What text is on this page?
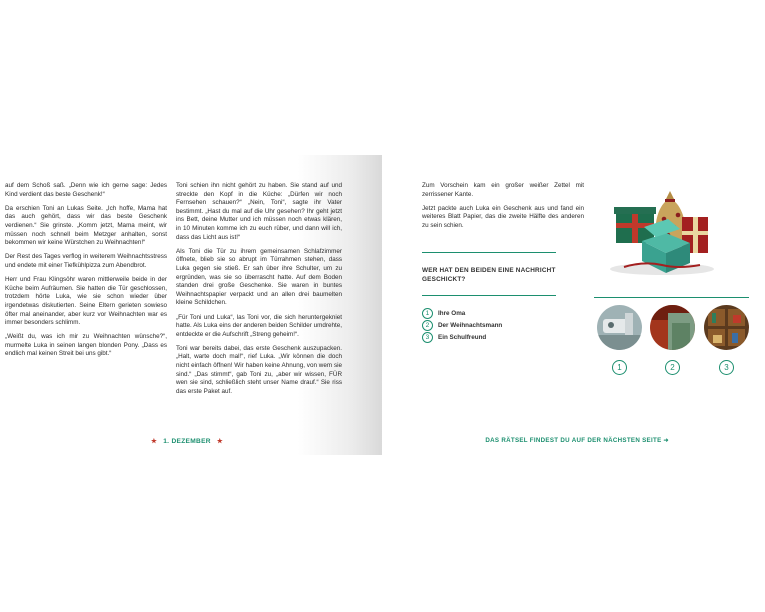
auf dem Schoß saß. „Denn wie ich gerne sage: Jedes Kind verdient das beste Geschenk!“

Da erschien Toni an Lukas Seite. „Ich hoffe, Mama hat das auch gehört, dass wir das beste Geschenk verdienen.“ Sie grinste. „Komm jetzt, Mama meint, wir müssen noch schnell beim Metzger anhalten, sonst bekommen wir keine Würstchen zu Weihnachten!“

Der Rest des Tages verflog in weiterem Weihnachtsstress und endete mit einer Tiefkühlpizza zum Abendbrot.

Herr und Frau Klingsöhr waren mittlerweile beide in der Küche beim Aufräumen. Sie hatten die Tür geschlossen, trotzdem hörte Luka, wie sie schon wieder über irgendetwas diskutierten. Seine Eltern gerieten sowieso öfter mal aneinander, aber kurz vor Weihnachten war es immer besonders schlimm.

„Weißt du, was ich mir zu Weihnachten wünsche?“, murmelte Luka in seinen langen blonden Pony. „Dass es endlich mal keinen Streit bei uns gibt.“

Toni schien ihn nicht gehört zu haben. Sie stand auf und streckte den Kopf in die Küche: „Dürfen wir noch Fernsehen schauen?“ „Nein, Toni“, sagte ihr Vater bestimmt. „Hast du mal auf die Uhr gesehen? Ihr geht jetzt ins Bett, deine Mutter und ich müssen noch etwas klären, in 10 Minuten komme ich zu euch rüber, und dann will ich, dass das Licht aus ist!“

Als Toni die Tür zu ihrem gemeinsamen Schlafzimmer öffnete, blieb sie so abrupt im Türrahmen stehen, dass Luka gegen sie stieß. Er sah über ihre Schulter, um zu ergründen, was sie so überrascht hatte. Auf dem Boden standen drei große Geschenke. Sie waren in buntes Weihnachtspapier verpackt und an allen drei baumelten kleine Schildchen.

„Für Toni und Luka“, las Toni vor, die sich heruntergekniet hatte. Als Luka eins der anderen beiden Schilder umdrehte, entdeckte er die Aufschrift „Streng geheim!“.

Toni war bereits dabei, das erste Geschenk auszupacken. „Halt, warte doch mal!“, rief Luka. „Wir können die doch nicht einfach öffnen! Wir haben keine Ahnung, von wem sie sind.“ „Das stimmt“, gab Toni zu, „aber wir wissen, FÜR wen sie sind, schließlich steht unser Name drauf.“ Sie riss das erste Paket auf.

★ 1. DEZEMBER ★

Zum Vorschein kam ein großer weißer Zettel mit zerrissener Kante.

Jetzt packte auch Luka ein Geschenk aus und fand ein weiteres Blatt Papier, das die zweite Hälfte des anderen zu sein schien.

WER HAT DEN BEIDEN EINE NACHRICHT GESCHICKT?
1	Ihre Oma
2	Der Weihnachtsmann
3	Ein Schulfreund
1	2	3
DAS RÄTSEL FINDEST DU AUF DER NÄCHSTEN SEITE ➜
